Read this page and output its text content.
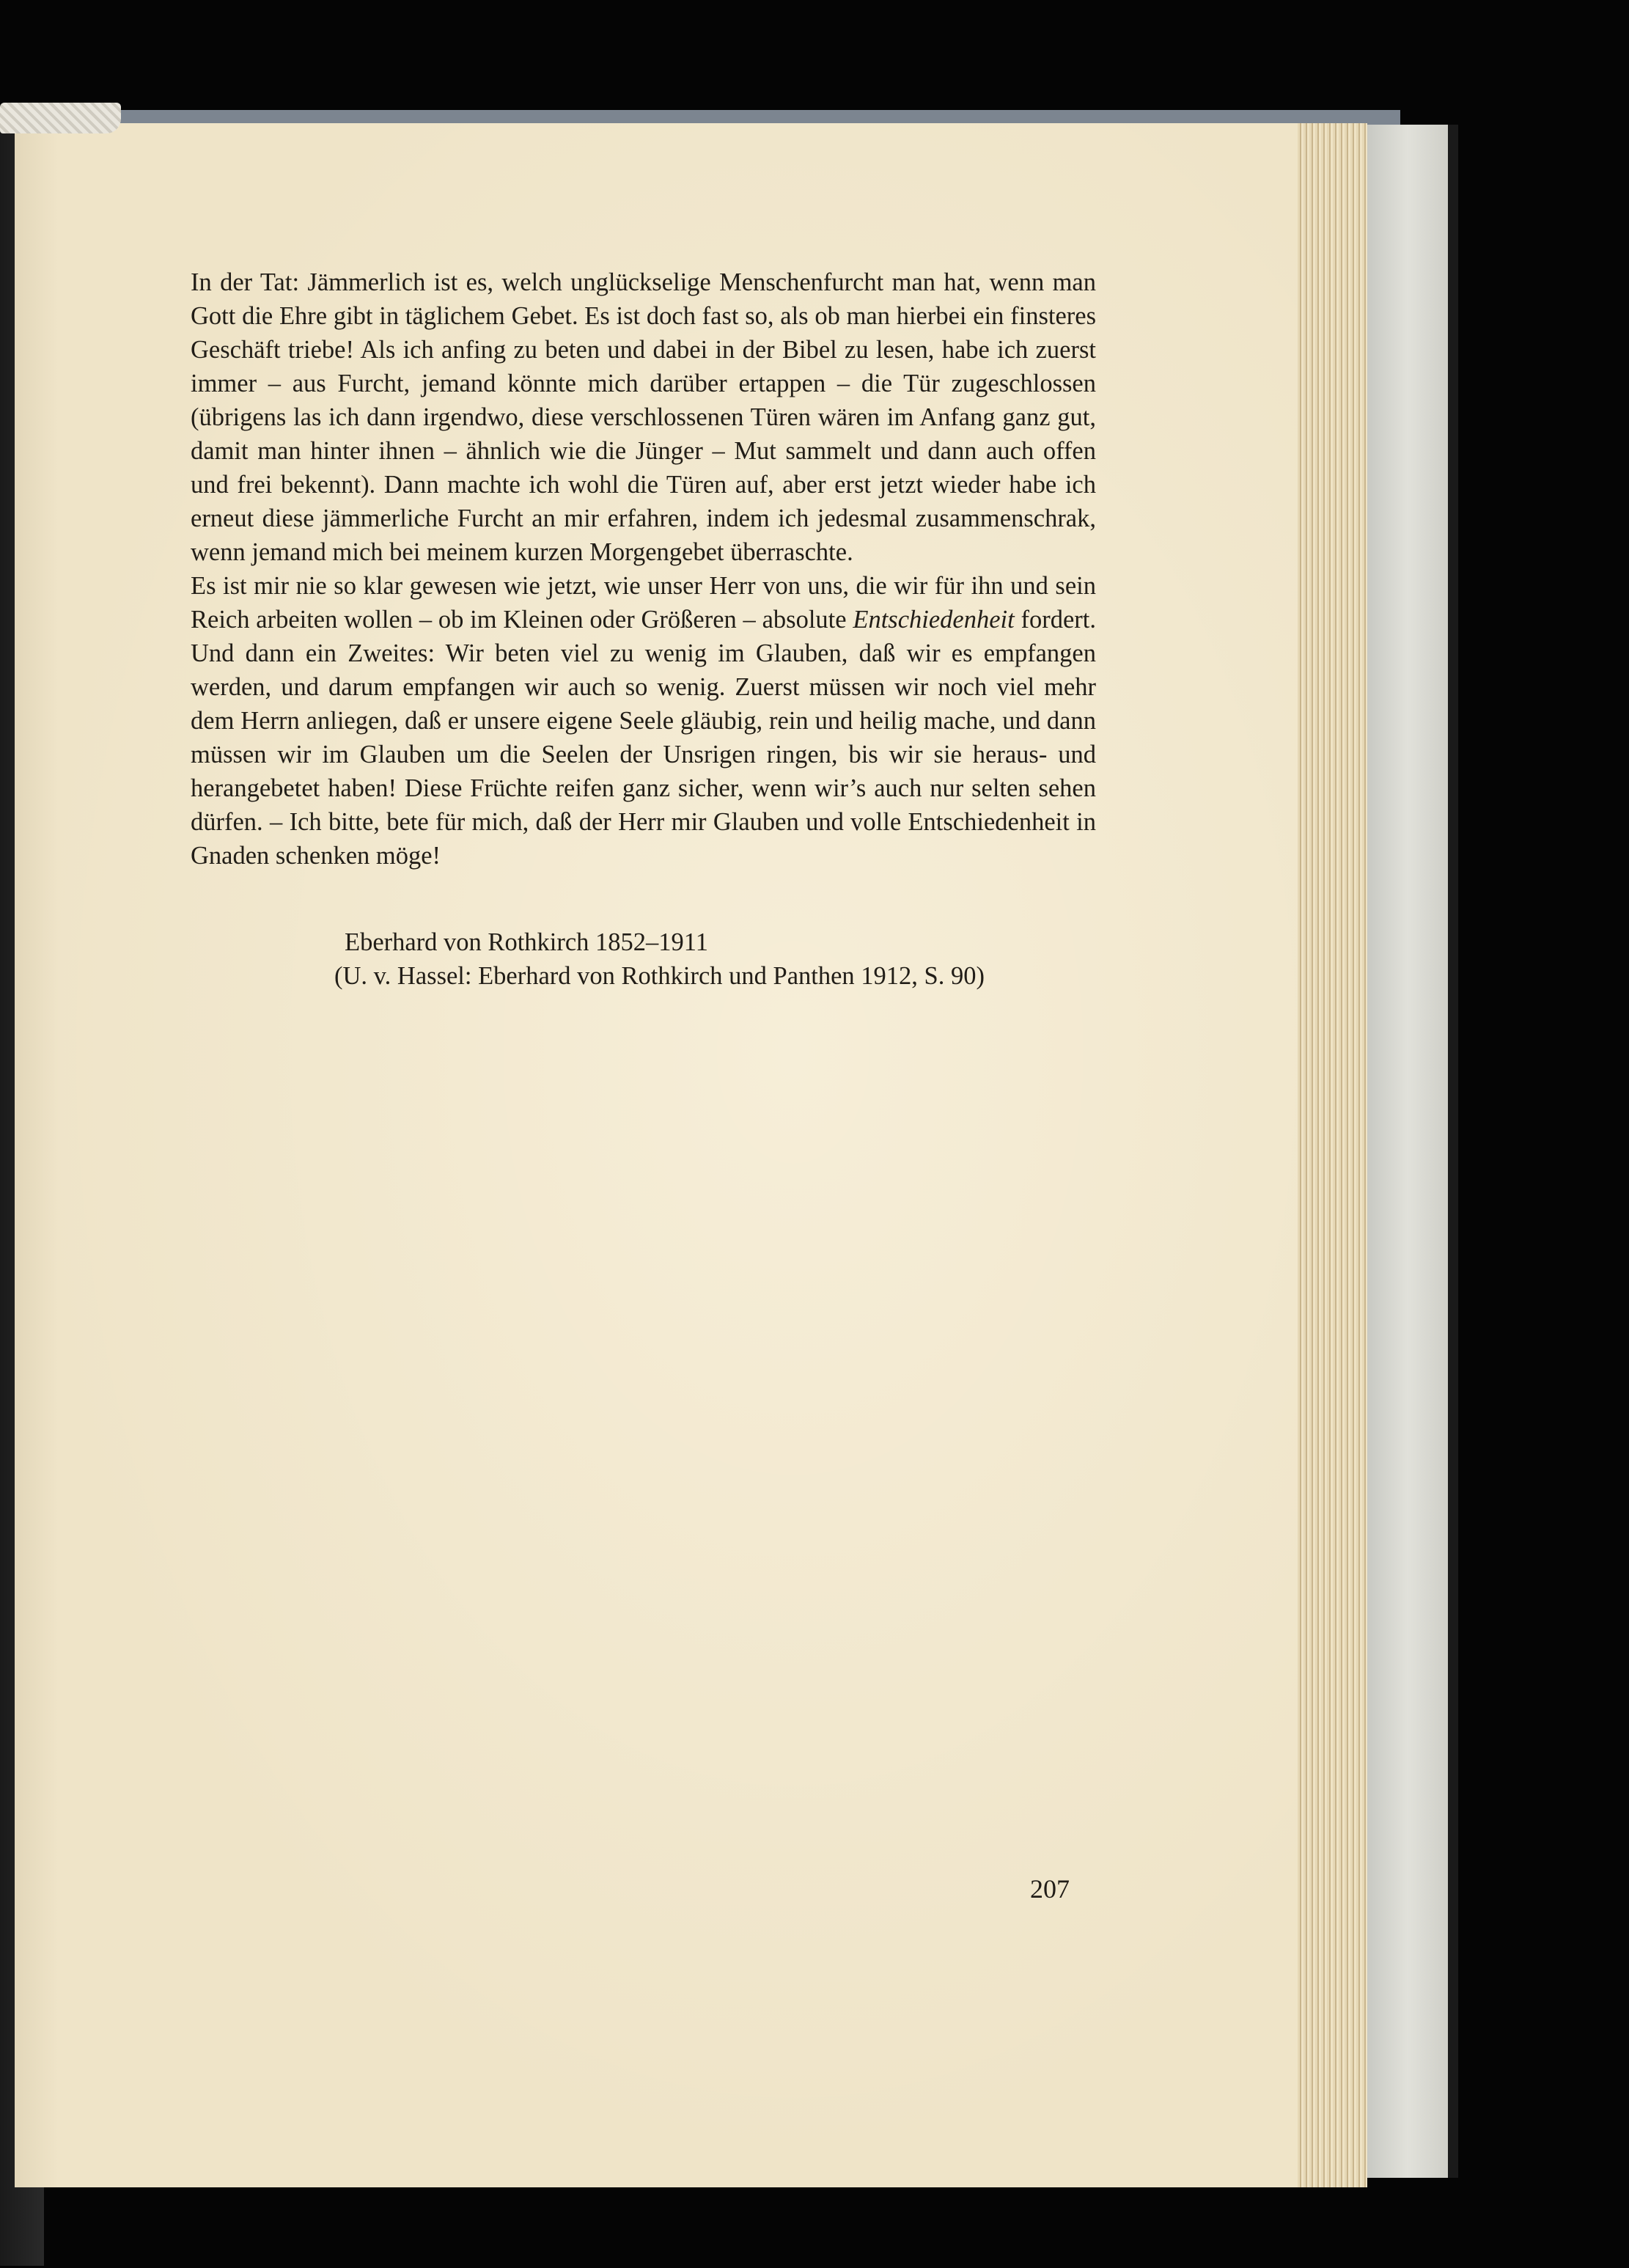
In der Tat: Jämmerlich ist es, welch unglückselige Menschenfurcht man hat, wenn man Gott die Ehre gibt in täglichem Gebet. Es ist doch fast so, als ob man hierbei ein finsteres Geschäft triebe! Als ich anfing zu beten und dabei in der Bibel zu lesen, habe ich zuerst immer – aus Furcht, jemand könnte mich darüber ertappen – die Tür zugeschlossen (übrigens las ich dann irgendwo, diese verschlossenen Türen wären im Anfang ganz gut, damit man hinter ihnen – ähnlich wie die Jünger – Mut sammelt und dann auch offen und frei bekennt). Dann machte ich wohl die Türen auf, aber erst jetzt wieder habe ich erneut diese jämmerliche Furcht an mir erfahren, indem ich jedesmal zusammenschrak, wenn jemand mich bei meinem kurzen Morgengebet überraschte.

Es ist mir nie so klar gewesen wie jetzt, wie unser Herr von uns, die wir für ihn und sein Reich arbeiten wollen – ob im Kleinen oder Größeren – absolute Entschiedenheit fordert. Und dann ein Zweites: Wir beten viel zu wenig im Glauben, daß wir es empfangen werden, und darum empfangen wir auch so wenig. Zuerst müssen wir noch viel mehr dem Herrn anliegen, daß er unsere eigene Seele gläubig, rein und heilig mache, und dann müssen wir im Glauben um die Seelen der Unsrigen ringen, bis wir sie heraus- und herangebetet haben! Diese Früchte reifen ganz sicher, wenn wir’s auch nur selten sehen dürfen. – Ich bitte, bete für mich, daß der Herr mir Glauben und volle Entschiedenheit in Gnaden schenken möge!

Eberhard von Rothkirch 1852–1911
(U. v. Hassel: Eberhard von Rothkirch und Panthen 1912, S. 90)
207
